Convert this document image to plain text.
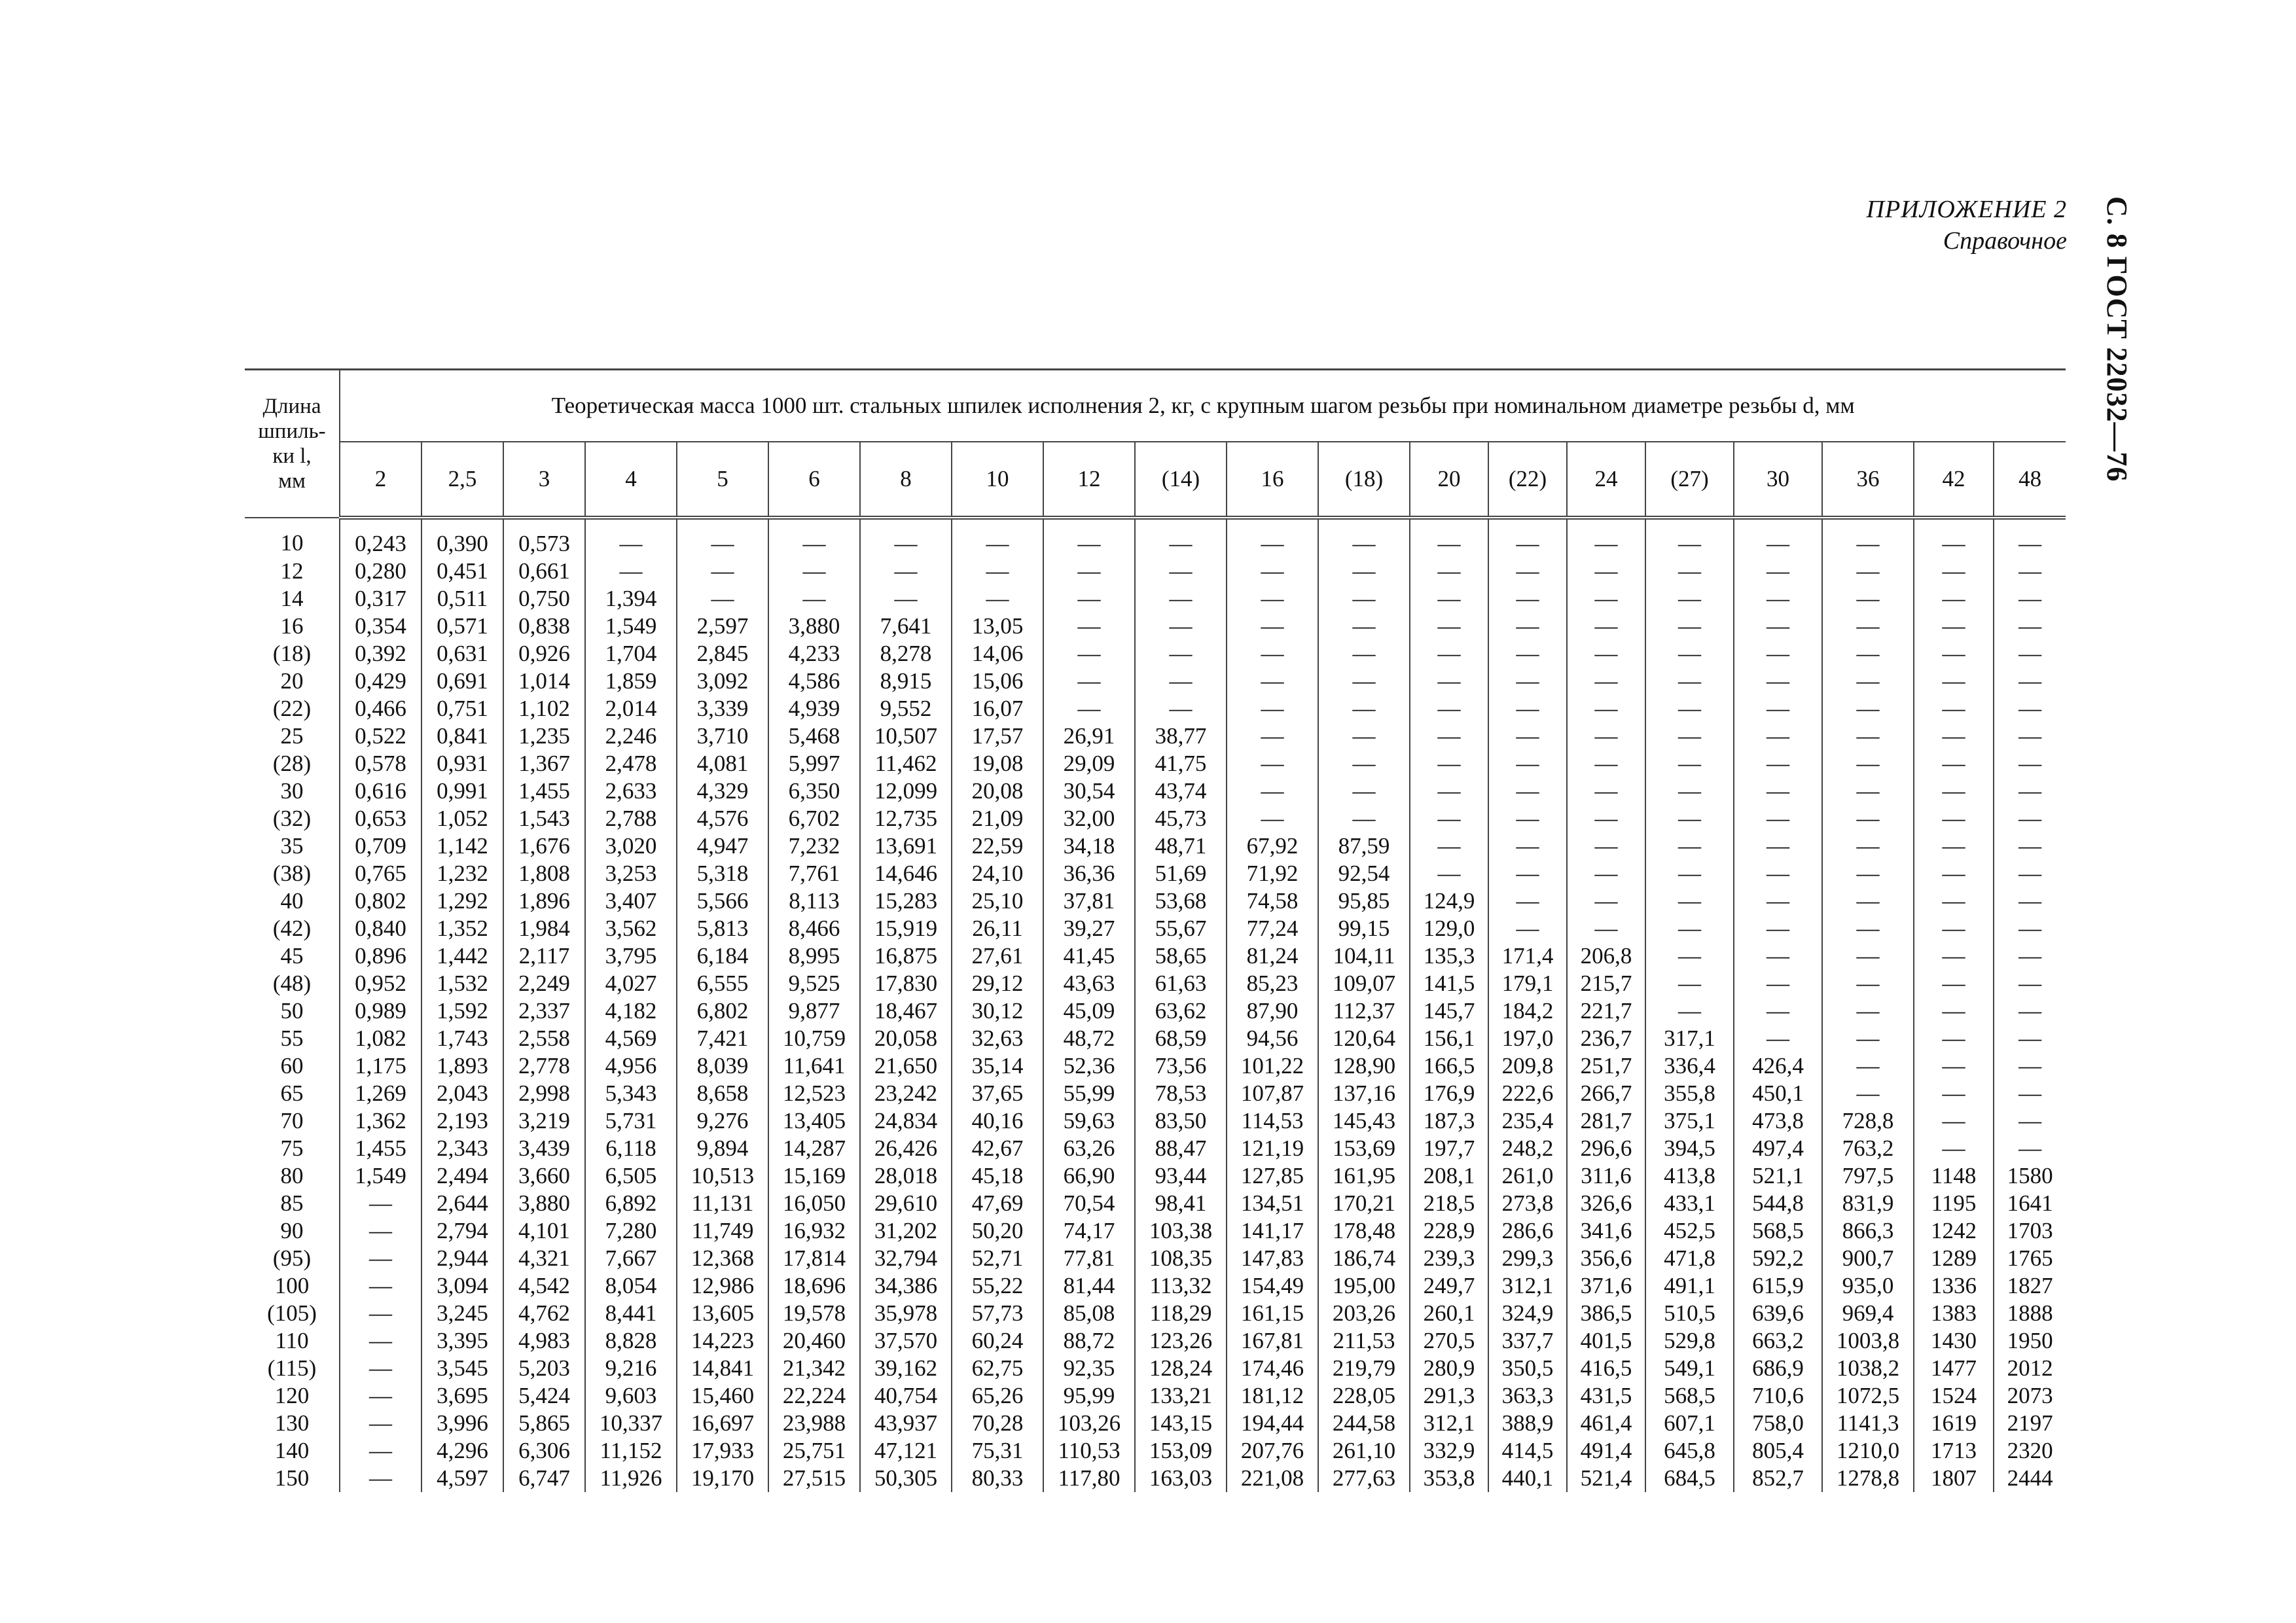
С. 8 ГОСТ 22032—76
ПРИЛОЖЕНИЕ 2
Справочное
Длина
шпиль-
ки l,
мм	Теоретическая масса 1000 шт. стальных шпилек исполнения 2, кг, с крупным шагом резьбы при номинальном диаметре резьбы d, мм																			
	2	2,5	3	4	5	6	8	10	12	(14)	16	(18)	20	(22)	24	(27)	30	36	42	48
10	0,243	0,390	0,573	—	—	—	—	—	—	—	—	—	—	—	—	—	—	—	—	—
12	0,280	0,451	0,661	—	—	—	—	—	—	—	—	—	—	—	—	—	—	—	—	—
14	0,317	0,511	0,750	1,394	—	—	—	—	—	—	—	—	—	—	—	—	—	—	—	—
16	0,354	0,571	0,838	1,549	2,597	3,880	7,641	13,05	—	—	—	—	—	—	—	—	—	—	—	—
(18)	0,392	0,631	0,926	1,704	2,845	4,233	8,278	14,06	—	—	—	—	—	—	—	—	—	—	—	—
20	0,429	0,691	1,014	1,859	3,092	4,586	8,915	15,06	—	—	—	—	—	—	—	—	—	—	—	—
(22)	0,466	0,751	1,102	2,014	3,339	4,939	9,552	16,07	—	—	—	—	—	—	—	—	—	—	—	—
25	0,522	0,841	1,235	2,246	3,710	5,468	10,507	17,57	26,91	38,77	—	—	—	—	—	—	—	—	—	—
(28)	0,578	0,931	1,367	2,478	4,081	5,997	11,462	19,08	29,09	41,75	—	—	—	—	—	—	—	—	—	—
30	0,616	0,991	1,455	2,633	4,329	6,350	12,099	20,08	30,54	43,74	—	—	—	—	—	—	—	—	—	—
(32)	0,653	1,052	1,543	2,788	4,576	6,702	12,735	21,09	32,00	45,73	—	—	—	—	—	—	—	—	—	—
35	0,709	1,142	1,676	3,020	4,947	7,232	13,691	22,59	34,18	48,71	67,92	87,59	—	—	—	—	—	—	—	—
(38)	0,765	1,232	1,808	3,253	5,318	7,761	14,646	24,10	36,36	51,69	71,92	92,54	—	—	—	—	—	—	—	—
40	0,802	1,292	1,896	3,407	5,566	8,113	15,283	25,10	37,81	53,68	74,58	95,85	124,9	—	—	—	—	—	—	—
(42)	0,840	1,352	1,984	3,562	5,813	8,466	15,919	26,11	39,27	55,67	77,24	99,15	129,0	—	—	—	—	—	—	—
45	0,896	1,442	2,117	3,795	6,184	8,995	16,875	27,61	41,45	58,65	81,24	104,11	135,3	171,4	206,8	—	—	—	—	—
(48)	0,952	1,532	2,249	4,027	6,555	9,525	17,830	29,12	43,63	61,63	85,23	109,07	141,5	179,1	215,7	—	—	—	—	—
50	0,989	1,592	2,337	4,182	6,802	9,877	18,467	30,12	45,09	63,62	87,90	112,37	145,7	184,2	221,7	—	—	—	—	—
55	1,082	1,743	2,558	4,569	7,421	10,759	20,058	32,63	48,72	68,59	94,56	120,64	156,1	197,0	236,7	317,1	—	—	—	—
60	1,175	1,893	2,778	4,956	8,039	11,641	21,650	35,14	52,36	73,56	101,22	128,90	166,5	209,8	251,7	336,4	426,4	—	—	—
65	1,269	2,043	2,998	5,343	8,658	12,523	23,242	37,65	55,99	78,53	107,87	137,16	176,9	222,6	266,7	355,8	450,1	—	—	—
70	1,362	2,193	3,219	5,731	9,276	13,405	24,834	40,16	59,63	83,50	114,53	145,43	187,3	235,4	281,7	375,1	473,8	728,8	—	—
75	1,455	2,343	3,439	6,118	9,894	14,287	26,426	42,67	63,26	88,47	121,19	153,69	197,7	248,2	296,6	394,5	497,4	763,2	—	—
80	1,549	2,494	3,660	6,505	10,513	15,169	28,018	45,18	66,90	93,44	127,85	161,95	208,1	261,0	311,6	413,8	521,1	797,5	1148	1580
85	—	2,644	3,880	6,892	11,131	16,050	29,610	47,69	70,54	98,41	134,51	170,21	218,5	273,8	326,6	433,1	544,8	831,9	1195	1641
90	—	2,794	4,101	7,280	11,749	16,932	31,202	50,20	74,17	103,38	141,17	178,48	228,9	286,6	341,6	452,5	568,5	866,3	1242	1703
(95)	—	2,944	4,321	7,667	12,368	17,814	32,794	52,71	77,81	108,35	147,83	186,74	239,3	299,3	356,6	471,8	592,2	900,7	1289	1765
100	—	3,094	4,542	8,054	12,986	18,696	34,386	55,22	81,44	113,32	154,49	195,00	249,7	312,1	371,6	491,1	615,9	935,0	1336	1827
(105)	—	3,245	4,762	8,441	13,605	19,578	35,978	57,73	85,08	118,29	161,15	203,26	260,1	324,9	386,5	510,5	639,6	969,4	1383	1888
110	—	3,395	4,983	8,828	14,223	20,460	37,570	60,24	88,72	123,26	167,81	211,53	270,5	337,7	401,5	529,8	663,2	1003,8	1430	1950
(115)	—	3,545	5,203	9,216	14,841	21,342	39,162	62,75	92,35	128,24	174,46	219,79	280,9	350,5	416,5	549,1	686,9	1038,2	1477	2012
120	—	3,695	5,424	9,603	15,460	22,224	40,754	65,26	95,99	133,21	181,12	228,05	291,3	363,3	431,5	568,5	710,6	1072,5	1524	2073
130	—	3,996	5,865	10,337	16,697	23,988	43,937	70,28	103,26	143,15	194,44	244,58	312,1	388,9	461,4	607,1	758,0	1141,3	1619	2197
140	—	4,296	6,306	11,152	17,933	25,751	47,121	75,31	110,53	153,09	207,76	261,10	332,9	414,5	491,4	645,8	805,4	1210,0	1713	2320
150	—	4,597	6,747	11,926	19,170	27,515	50,305	80,33	117,80	163,03	221,08	277,63	353,8	440,1	521,4	684,5	852,7	1278,8	1807	2444
